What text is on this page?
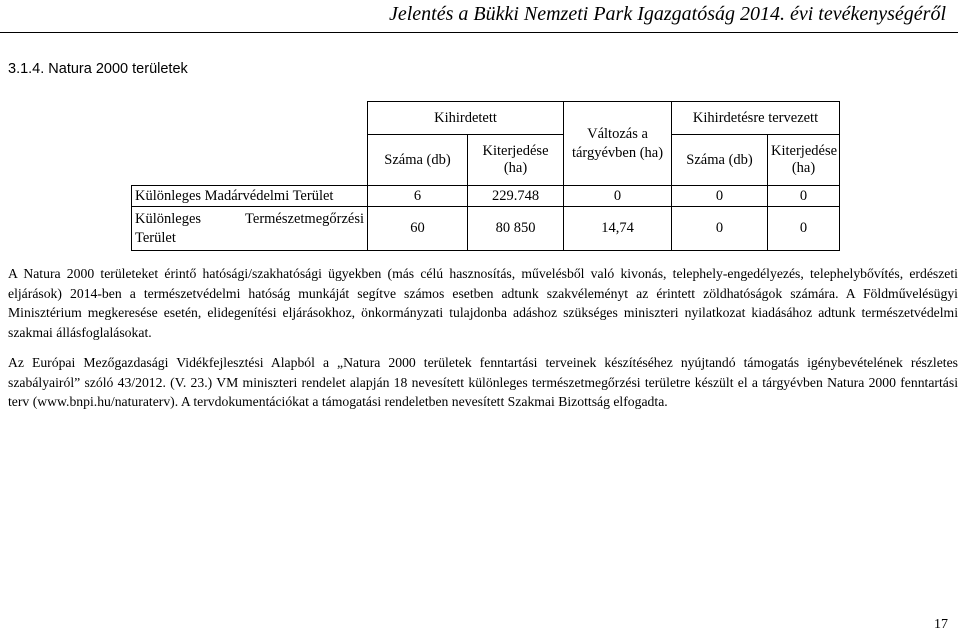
Jelentés a Bükki Nemzeti Park Igazgatóság 2014. évi tevékenységéről
3.1.4. Natura 2000 területek
	Kihirdetett		Változás a tárgyévben (ha)	Kihirdetésre tervezett	
	Száma (db)	Kiterjedése (ha)		Száma (db)	Kiterjedése (ha)
Különleges Madárvédelmi Terület	6	229.748	0	0	0

Különleges Természetmegőrzési
Terület	60	80 850	14,74	0	0

A Natura 2000 területeket érintő hatósági/szakhatósági ügyekben (más célú hasznosítás, művelésből való kivonás, telephely-engedélyezés, telephelybővítés, erdészeti eljárások) 2014-ben a természetvédelmi hatóság munkáját segítve számos esetben adtunk szakvéleményt az érintett zöldhatóságok számára. A Földművelésügyi Minisztérium megkeresése esetén, elidegenítési eljárásokhoz, önkormányzati tulajdonba adáshoz szükséges miniszteri nyilatkozat kiadásához adtunk természetvédelmi szakmai állásfoglalásokat.

Az Európai Mezőgazdasági Vidékfejlesztési Alapból a „Natura 2000 területek fenntartási terveinek készítéséhez nyújtandó támogatás igénybevételének részletes szabályairól” szóló 43/2012. (V. 23.) VM miniszteri rendelet alapján 18 nevesített különleges természetmegőrzési területre készült el a tárgyévben Natura 2000 fenntartási terv (www.bnpi.hu/naturaterv). A tervdokumentációkat a támogatási rendeletben nevesített Szakmai Bizottság elfogadta.

17
